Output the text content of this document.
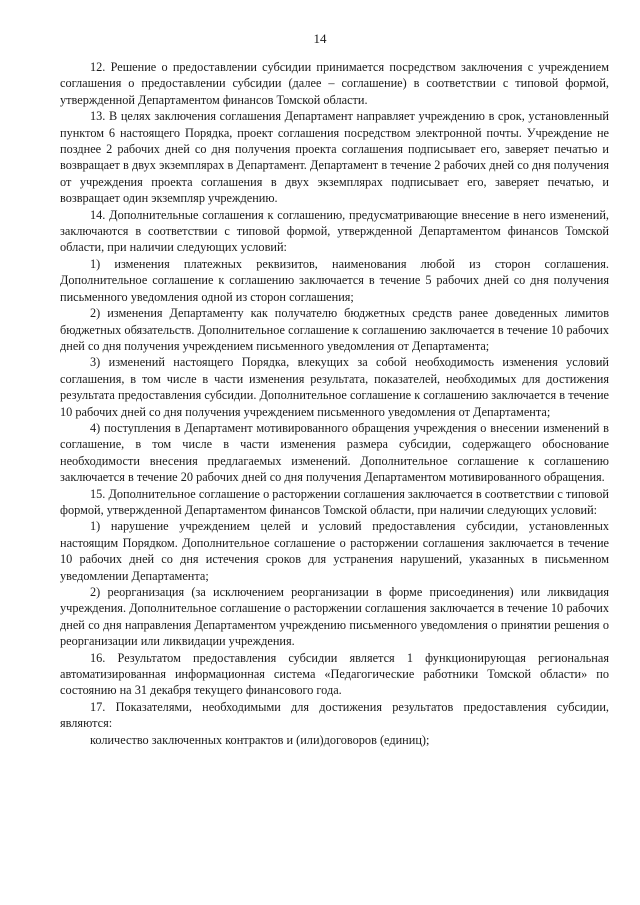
14

12. Решение о предоставлении субсидии принимается посредством заключения с учреждением соглашения о предоставлении субсидии (далее – соглашение) в соответствии с типовой формой, утвержденной Департаментом финансов Томской области.

13. В целях заключения соглашения Департамент направляет учреждению в срок, установленный пунктом 6 настоящего Порядка, проект соглашения посредством электронной почты. Учреждение не позднее 2 рабочих дней со дня получения проекта соглашения подписывает его, заверяет печатью и возвращает в двух экземплярах в Департамент. Департамент в течение 2 рабочих дней со дня получения от учреждения проекта соглашения в двух экземплярах подписывает его, заверяет печатью, и возвращает один экземпляр учреждению.

14. Дополнительные соглашения к соглашению, предусматривающие внесение в него изменений, заключаются в соответствии с типовой формой, утвержденной Департаментом финансов Томской области, при наличии следующих условий:

1) изменения платежных реквизитов, наименования любой из сторон соглашения. Дополнительное соглашение к соглашению заключается в течение 5 рабочих дней со дня получения письменного уведомления одной из сторон соглашения;

2) изменения Департаменту как получателю бюджетных средств ранее доведенных лимитов бюджетных обязательств. Дополнительное соглашение к соглашению заключается в течение 10 рабочих дней со дня получения учреждением письменного уведомления от Департамента;

3) изменений настоящего Порядка, влекущих за собой необходимость изменения условий соглашения, в том числе в части изменения результата, показателей, необходимых для достижения результата предоставления субсидии. Дополнительное соглашение к соглашению заключается в течение 10 рабочих дней со дня получения учреждением письменного уведомления от Департамента;

4) поступления в Департамент мотивированного обращения учреждения о внесении изменений в соглашение, в том числе в части изменения размера субсидии, содержащего обоснование необходимости внесения предлагаемых изменений. Дополнительное соглашение к соглашению заключается в течение 20 рабочих дней со дня получения Департаментом мотивированного обращения.

15. Дополнительное соглашение о расторжении соглашения заключается в соответствии с типовой формой, утвержденной Департаментом финансов Томской области, при наличии следующих условий:

1) нарушение учреждением целей и условий предоставления субсидии, установленных настоящим Порядком. Дополнительное соглашение о расторжении соглашения заключается в течение 10 рабочих дней со дня истечения сроков для устранения нарушений, указанных в письменном уведомлении Департамента;

2) реорганизация (за исключением реорганизации в форме присоединения) или ликвидация учреждения. Дополнительное соглашение о расторжении соглашения заключается в течение 10 рабочих дней со дня направления Департаментом учреждению письменного уведомления о принятии решения о реорганизации или ликвидации учреждения.

16. Результатом предоставления субсидии является 1 функционирующая региональная автоматизированная информационная система «Педагогические работники Томской области» по состоянию на 31 декабря текущего финансового года.

17. Показателями, необходимыми для достижения результатов предоставления субсидии, являются:

количество заключенных контрактов и (или)договоров (единиц);
